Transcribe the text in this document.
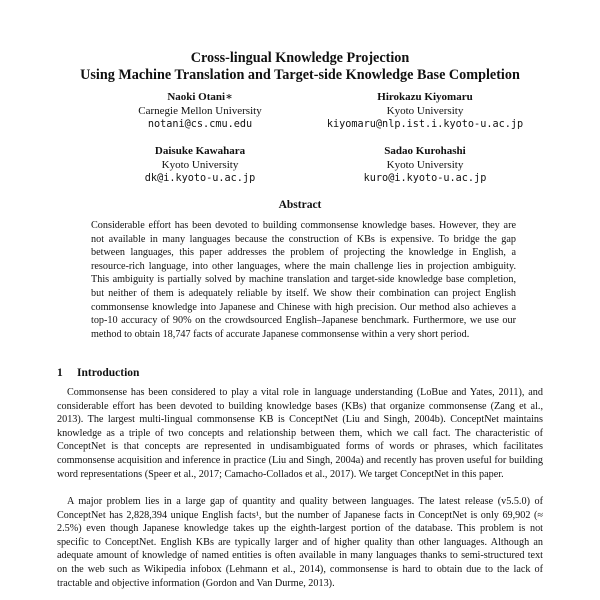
Cross-lingual Knowledge Projection
Using Machine Translation and Target-side Knowledge Base Completion
Naoki Otani∗
Carnegie Mellon University
notani@cs.cmu.edu
Hirokazu Kiyomaru
Kyoto University
kiyomaru@nlp.ist.i.kyoto-u.ac.jp
Daisuke Kawahara
Kyoto University
dk@i.kyoto-u.ac.jp
Sadao Kurohashi
Kyoto University
kuro@i.kyoto-u.ac.jp
Abstract
Considerable effort has been devoted to building commonsense knowledge bases. However, they are not available in many languages because the construction of KBs is expensive. To bridge the gap between languages, this paper addresses the problem of projecting the knowledge in English, a resource-rich language, into other languages, where the main challenge lies in projection ambiguity. This ambiguity is partially solved by machine translation and target-side knowledge base completion, but neither of them is adequately reliable by itself. We show their combination can project English commonsense knowledge into Japanese and Chinese with high precision. Our method also achieves a top-10 accuracy of 90% on the crowdsourced English–Japanese benchmark. Furthermore, we use our method to obtain 18,747 facts of accurate Japanese commonsense within a very short period.
1 Introduction
Commonsense has been considered to play a vital role in language understanding (LoBue and Yates, 2011), and considerable effort has been devoted to building knowledge bases (KBs) that organize commonsense (Zang et al., 2013). The largest multi-lingual commonsense KB is ConceptNet (Liu and Singh, 2004b). ConceptNet maintains knowledge as a triple of two concepts and relationship between them, which we call fact. The characteristic of ConceptNet is that concepts are represented in undisambiguated forms of words or phrases, which facilitates commonsense acquisition and inference in practice (Liu and Singh, 2004a) and recently has proven useful for building word representations (Speer et al., 2017; Camacho-Collados et al., 2017). We target ConceptNet in this paper.
A major problem lies in a large gap of quantity and quality between languages. The latest release (v5.5.0) of ConceptNet has 2,828,394 unique English facts¹, but the number of Japanese facts in ConceptNet is only 69,902 (≈ 2.5%) even though Japanese knowledge takes up the eighth-largest portion of the database. This problem is not specific to ConceptNet. English KBs are typically larger and of higher quality than other languages. Although an adequate amount of knowledge of named entities is often available in many languages thanks to semi-structured text on the web such as Wikipedia infobox (Lehmann et al., 2014), commonsense is hard to obtain due to the lack of tractable and objective information (Gordon and Van Durme, 2013).
